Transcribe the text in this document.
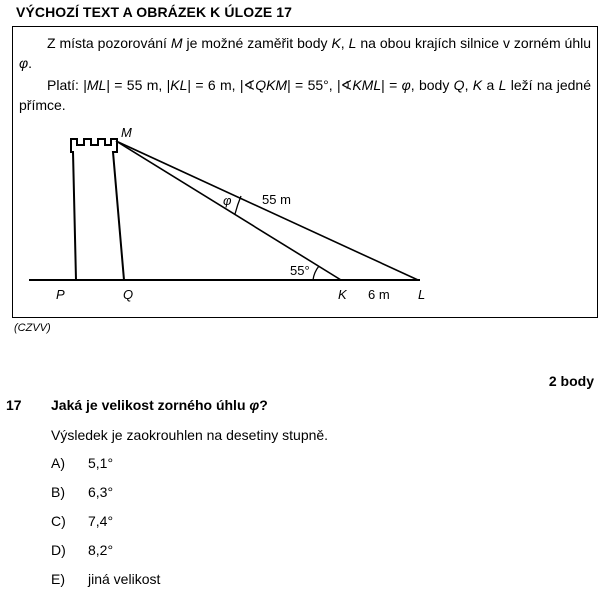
VÝCHOZÍ TEXT A OBRÁZEK K ÚLOZE 17
Z místa pozorování M je možné zaměřit body K, L na obou krajích silnice v zorném úhlu φ.
Platí: |ML| = 55 m, |KL| = 6 m, |∢QKM| = 55°, |∢KML| = φ, body Q, K a L leží na jedné přímce.
M
P	Q	K	L
φ 55 m
55°
6 m
(CZVV)
2 body
17 Jaká je velikost zorného úhlu φ?
Výsledek je zaokrouhlen na desetiny stupně.
A) 5,1°
B) 6,3°
C) 7,4°
D) 8,2°
E) jiná velikost
